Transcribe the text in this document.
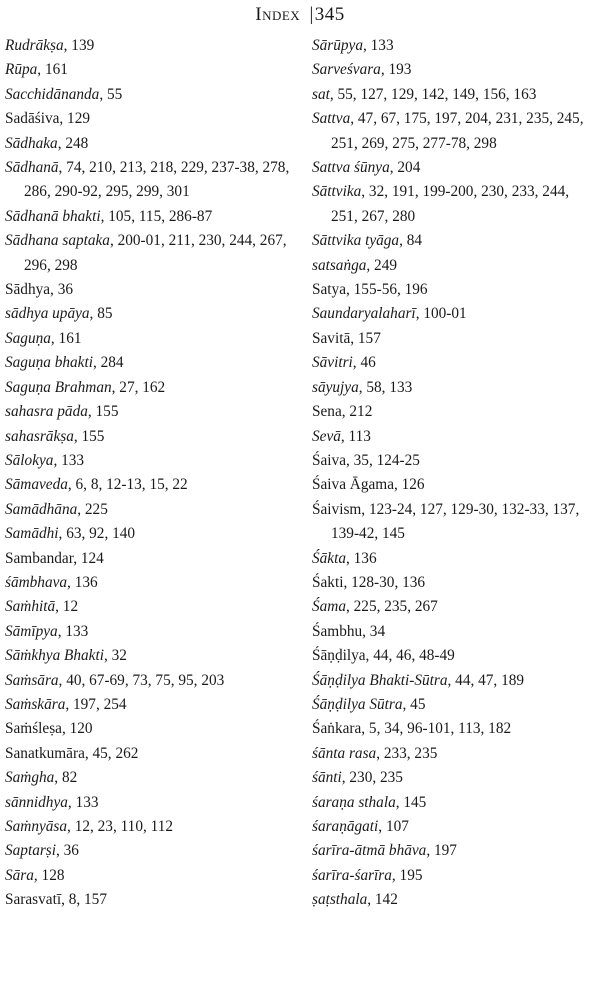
Index |345
Rudrākṣa, 139
Rūpa, 161
Sacchidānanda, 55
Sadāśiva, 129
Sādhaka, 248
Sādhanā, 74, 210, 213, 218, 229, 237-38, 278, 286, 290-92, 295, 299, 301
Sādhanā bhakti, 105, 115, 286-87
Sādhana saptaka, 200-01, 211, 230, 244, 267, 296, 298
Sādhya, 36
sādhya upāya, 85
Saguṇa, 161
Saguṇa bhakti, 284
Saguṇa Brahman, 27, 162
sahasra pāda, 155
sahasrākṣa, 155
Sālokya, 133
Sāmaveda, 6, 8, 12-13, 15, 22
Samādhāna, 225
Samādhi, 63, 92, 140
Sambandar, 124
śāmbhava, 136
Saṁhitā, 12
Sāmīpya, 133
Sāṁkhya Bhakti, 32
Saṁsāra, 40, 67-69, 73, 75, 95, 203
Saṁskāra, 197, 254
Saṁśleṣa, 120
Sanatkumāra, 45, 262
Saṁgha, 82
sānnidhya, 133
Saṁnyāsa, 12, 23, 110, 112
Saptarṣi, 36
Sāra, 128
Sarasvatī, 8, 157
Sārūpya, 133
Sarveśvara, 193
sat, 55, 127, 129, 142, 149, 156, 163
Sattva, 47, 67, 175, 197, 204, 231, 235, 245, 251, 269, 275, 277-78, 298
Sattva śūnya, 204
Sāttvika, 32, 191, 199-200, 230, 233, 244, 251, 267, 280
Sāttvika tyāga, 84
satsaṅga, 249
Satya, 155-56, 196
Saundaryalaharī, 100-01
Savitā, 157
Sāvitri, 46
sāyujya, 58, 133
Sena, 212
Sevā, 113
Śaiva, 35, 124-25
Śaiva Āgama, 126
Śaivism, 123-24, 127, 129-30, 132-33, 137, 139-42, 145
Śākta, 136
Śakti, 128-30, 136
Śama, 225, 235, 267
Śambhu, 34
Śāṇḍilya, 44, 46, 48-49
Śāṇḍilya Bhakti-Sūtra, 44, 47, 189
Śāṇḍilya Sūtra, 45
Śaṅkara, 5, 34, 96-101, 113, 182
śānta rasa, 233, 235
śānti, 230, 235
śaraṇa sthala, 145
śaraṇāgati, 107
śarīra-ātmā bhāva, 197
śarīra-śarīra, 195
ṣaṭsthala, 142
